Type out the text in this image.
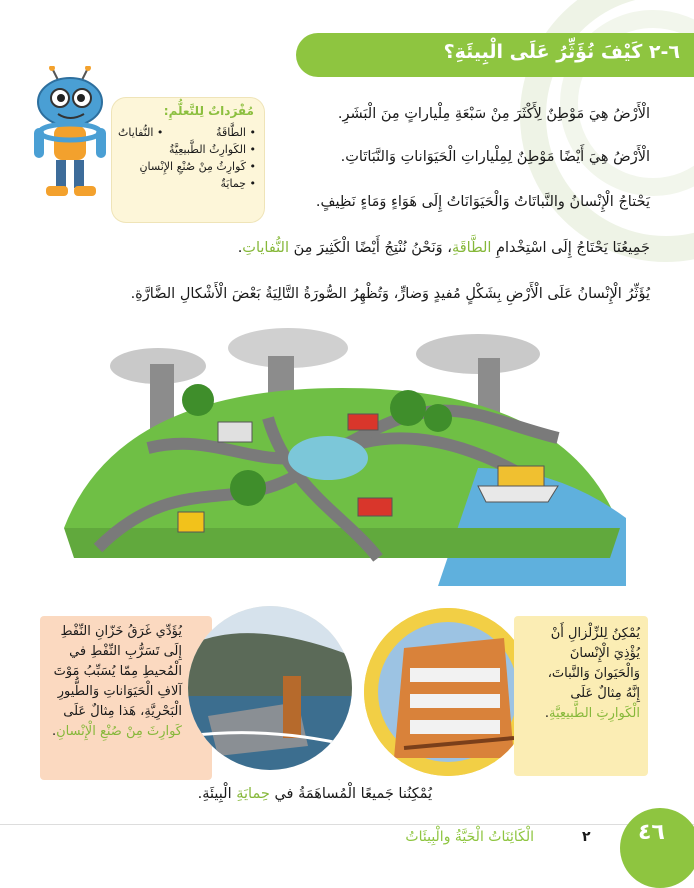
٦-٢ كَيْفَ نُؤَثِّرُ عَلَى الْبِيئَةِ؟
مُفْرَداتٌ لِلتَّعلُّمِ:
• الطَّاقَةُ
• النُّفاياتُ
• الكَوارِثُ الطَّبيعِيَّةُ
• كَوارِثُ مِنْ صُنْعِ الإِنْسانِ
• حِمايَةٌ
الْأَرْضُ هِيَ مَوْطِنٌ لِأَكْثَرَ مِنْ سَبْعَةِ مِلْياراتٍ مِنَ الْبَشَرِ.
الْأَرْضُ هِيَ أَيْضًا مَوْطِنٌ لِمِلْياراتِ الْحَيَوَاناتِ وَالنَّبَاتَاتِ.
يَحْتاجُ الْإِنْسانُ والنَّباتَاتُ وَالْحَيَوَانَاتُ إِلَى هَوَاءٍ وَمَاءٍ نَظِيفٍ.
جَمِيعُنَا يَحْتَاجُ إِلَى اسْتِخْدامِ الطَّاقَةِ، وَنَحْنُ نُنْتِجُ أَيْضًا الْكَثِيرَ مِنَ النُّفاياتِ.
يُؤَثِّرُ الْإِنْسانُ عَلَى الْأَرْضِ بِشَكْلٍ مُفيدٍ وَضارٍّ، وَتُظْهِرُ الصُّورَةُ التَّالِيَةُ بَعْضَ الْأَشْكالِ الضَّارَّةِ.
يُؤَدِّي غَرَقُ خَزّانِ النِّفْطِ إِلَى تَسَرُّبِ النِّفْطِ في الْمُحيطِ مِمّا يُسَبِّبُ مَوْتَ آلافِ الْحَيَوَاناتِ وَالطُّيورِ الْبَحْرِيَّةِ، هَذا مِثالٌ عَلَى كَوارِثَ مِنْ صُنْعِ الْإِنْسانِ.
يُمْكِنُ لِلزِّلْزالِ أَنْ يُؤْذِيَ الْإِنْسانَ وَالْحَيَوانَ وَالنَّباتَ، إِنَّهُ مِثالٌ عَلَى الْكَوارِثِ الطَّبيعِيَّةِ.
يُمْكِنُنا جَميعًا الْمُساهَمَةُ في حِمايَةِ الْبِيئَةِ.
الْكَائِنَاتُ الْحَيَّةُ والْبِيئَاتُ	٢ ٤٦
